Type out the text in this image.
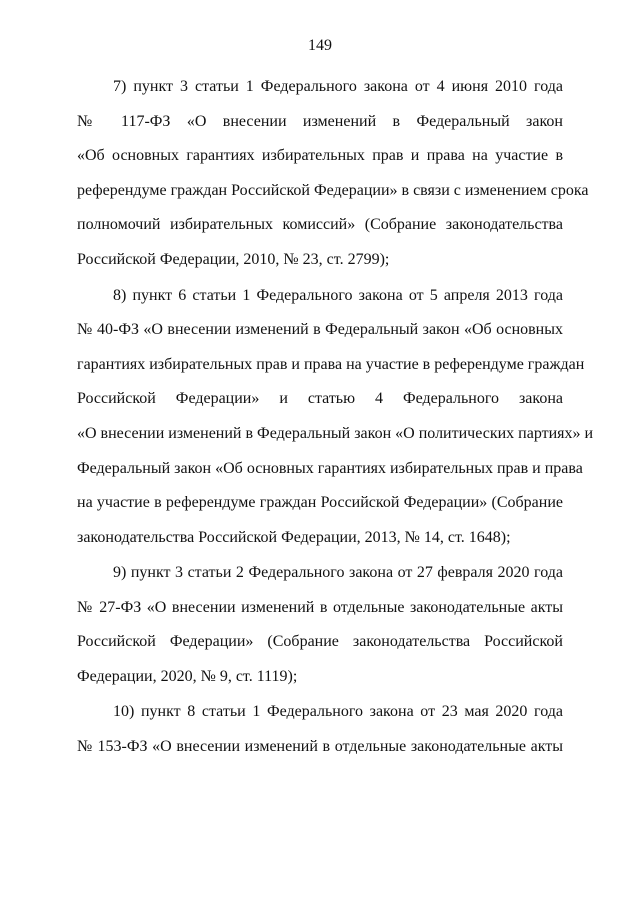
149
7) пункт 3 статьи 1 Федерального закона от 4 июня 2010 года
№ 117-ФЗ «О внесении изменений в Федеральный закон
«Об основных гарантиях избирательных прав и права на участие в
референдуме граждан Российской Федерации» в связи с изменением срока
полномочий избирательных комиссий» (Собрание законодательства
Российской Федерации, 2010, № 23, ст. 2799);
8) пункт 6 статьи 1 Федерального закона от 5 апреля 2013 года
№ 40-ФЗ «О внесении изменений в Федеральный закон «Об основных
гарантиях избирательных прав и права на участие в референдуме граждан
Российской Федерации» и статью 4 Федерального закона
«О внесении изменений в Федеральный закон «О политических партиях» и
Федеральный закон «Об основных гарантиях избирательных прав и права
на участие в референдуме граждан Российской Федерации» (Собрание
законодательства Российской Федерации, 2013, № 14, ст. 1648);
9) пункт 3 статьи 2 Федерального закона от 27 февраля 2020 года
№ 27-ФЗ «О внесении изменений в отдельные законодательные акты
Российской Федерации» (Собрание законодательства Российской
Федерации, 2020, № 9, ст. 1119);
10) пункт 8 статьи 1 Федерального закона от 23 мая 2020 года
№ 153-ФЗ «О внесении изменений в отдельные законодательные акты
